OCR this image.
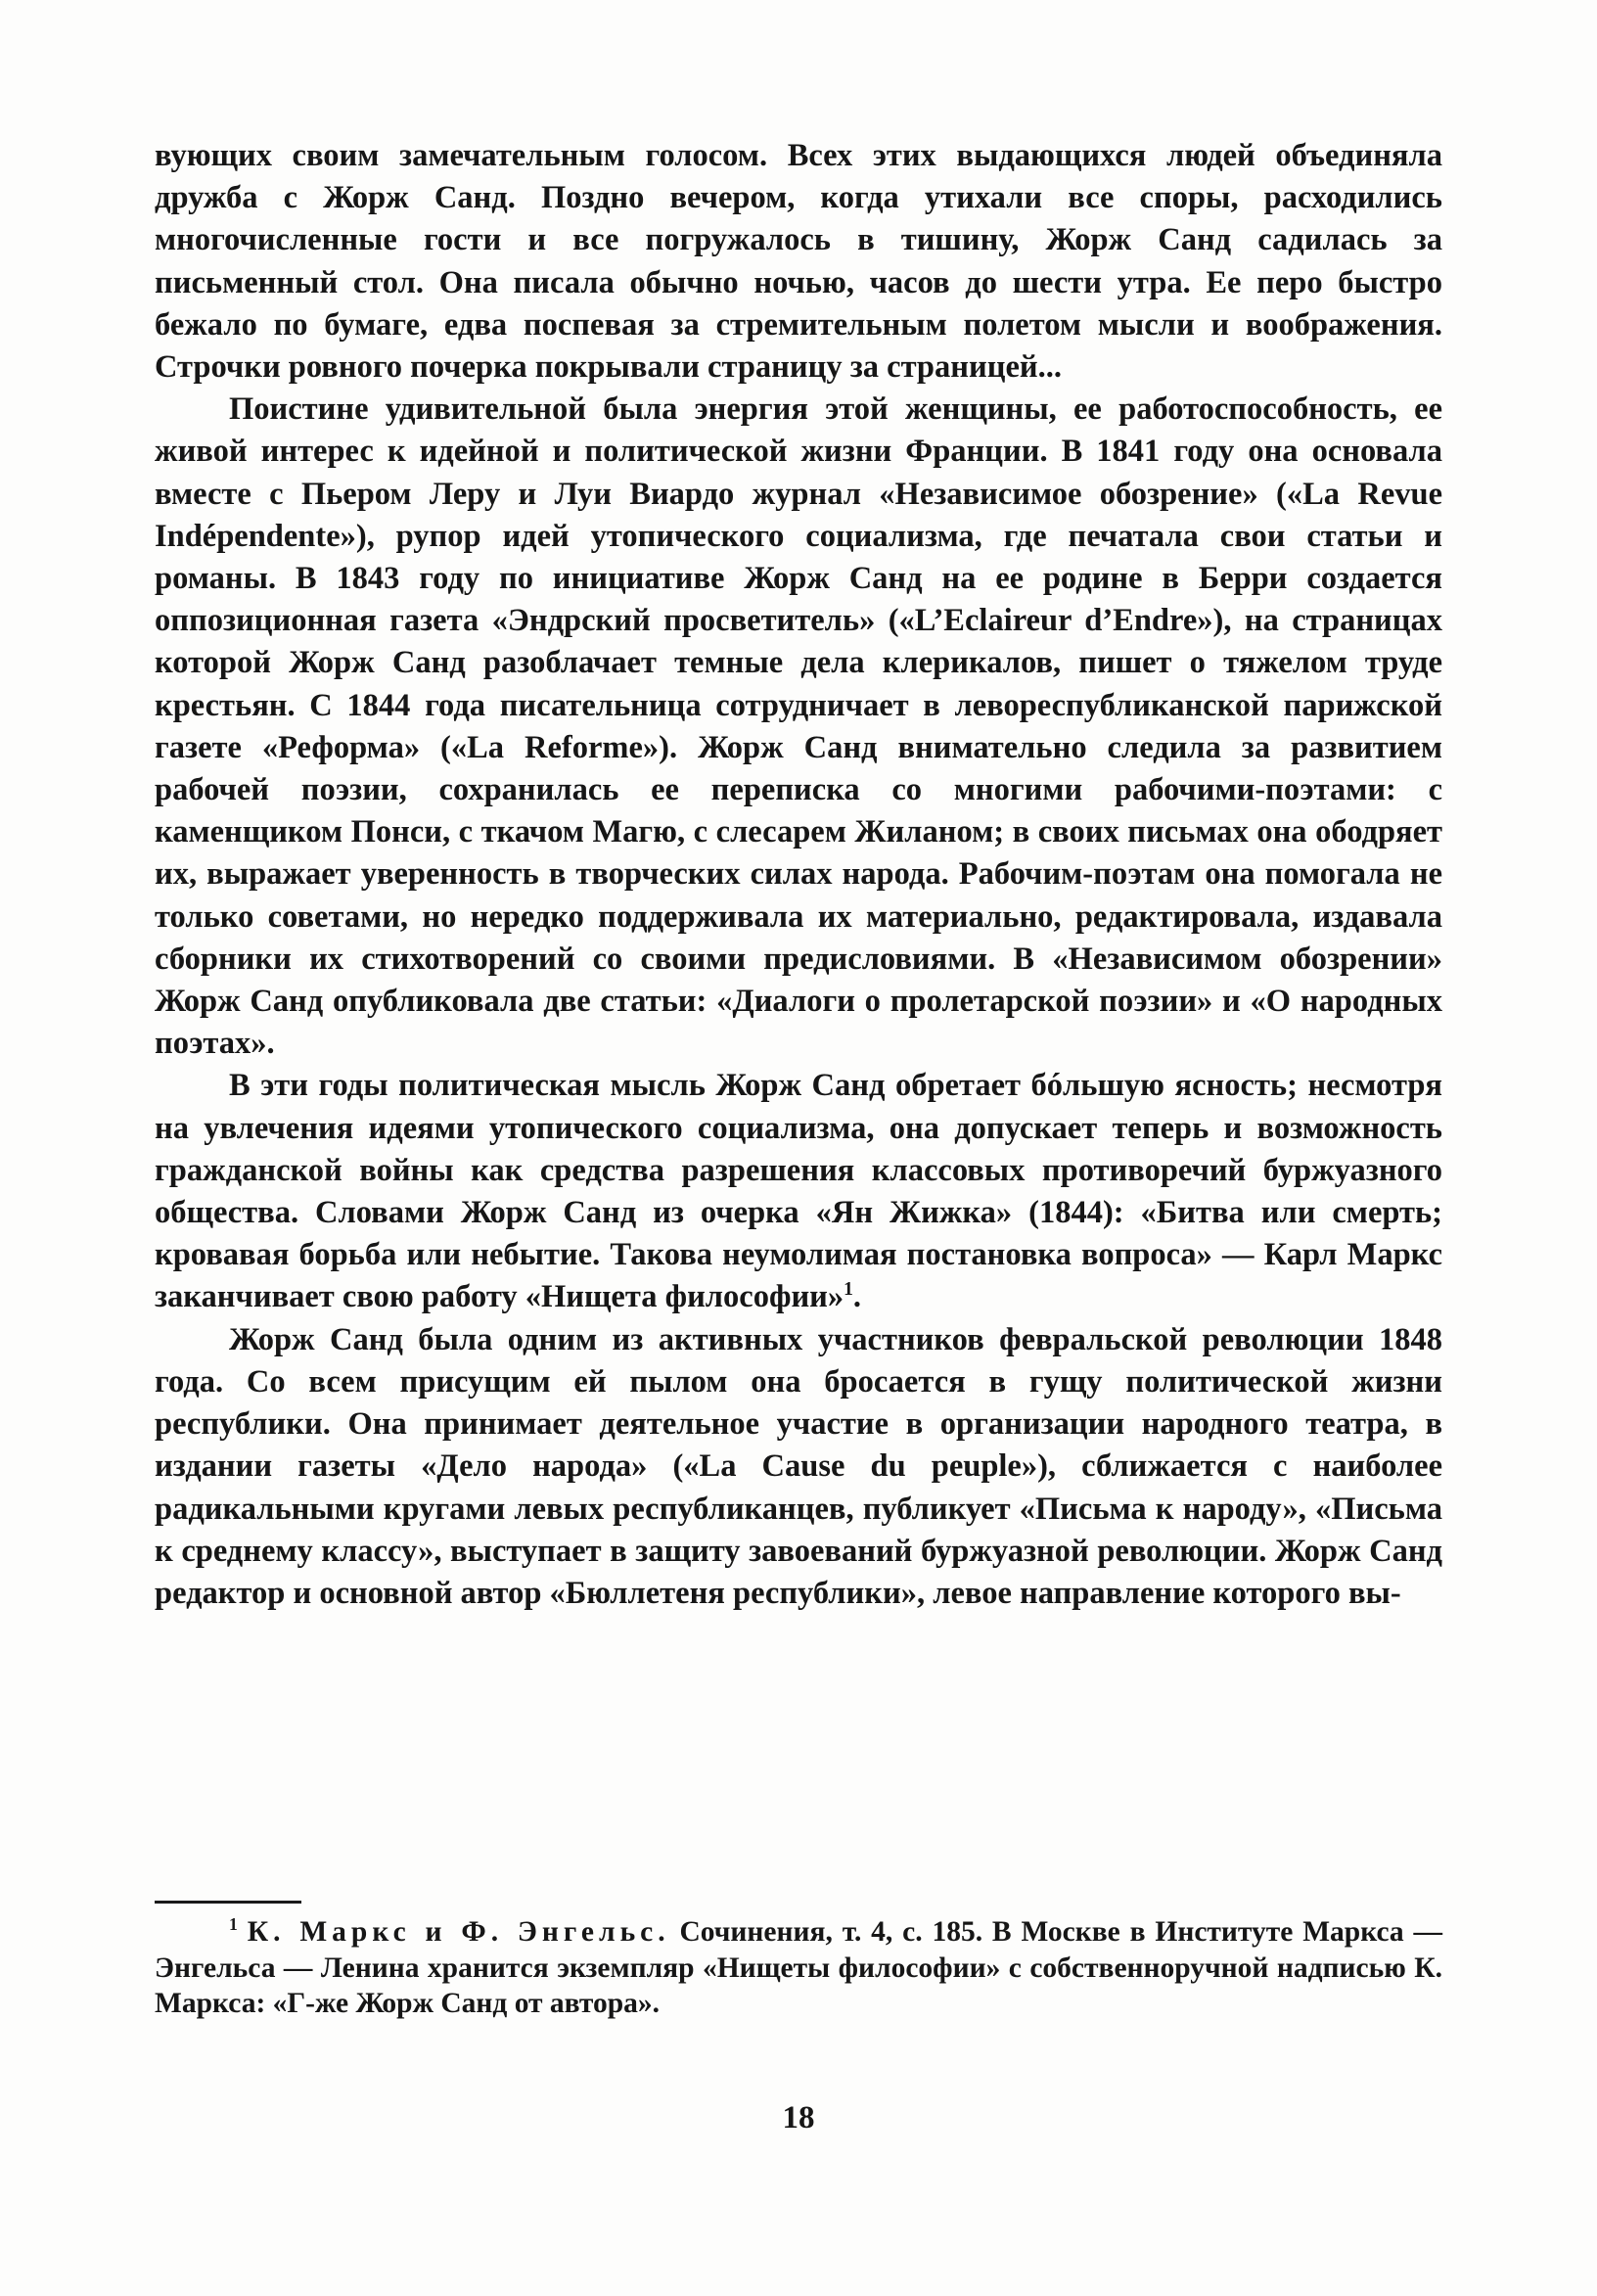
вующих своим замечательным голосом. Всех этих выдающихся людей объединяла дружба с Жорж Санд. Поздно вечером, когда утихали все споры, расходились многочисленные гости и все погружалось в тишину, Жорж Санд садилась за письменный стол. Она писала обычно ночью, часов до шести утра. Ее перо быстро бежало по бумаге, едва поспевая за стремительным полетом мысли и воображения. Строчки ровного почерка покрывали страницу за страницей...

Поистине удивительной была энергия этой женщины, ее работоспособность, ее живой интерес к идейной и политической жизни Франции. В 1841 году она основала вместе с Пьером Леру и Луи Виардо журнал «Независимое обозрение» («La Revue Indépendente»), рупор идей утопического социализма, где печатала свои статьи и романы. В 1843 году по инициативе Жорж Санд на ее родине в Берри создается оппозиционная газета «Эндрский просветитель» («L’Eclaireur d’Endre»), на страницах которой Жорж Санд разоблачает темные дела клерикалов, пишет о тяжелом труде крестьян. С 1844 года писательница сотрудничает в левореспубликанской парижской газете «Реформа» («La Reforme»). Жорж Санд внимательно следила за развитием рабочей поэзии, сохранилась ее переписка со многими рабочими-поэтами: с каменщиком Понси, с ткачом Магю, с слесарем Жиланом; в своих письмах она ободряет их, выражает уверенность в творческих силах народа. Рабочим-поэтам она помогала не только советами, но нередко поддерживала их материально, редактировала, издавала сборники их стихотворений со своими предисловиями. В «Независимом обозрении» Жорж Санд опубликовала две статьи: «Диалоги о пролетарской поэзии» и «О народных поэтах».

В эти годы политическая мысль Жорж Санд обретает бóльшую ясность; несмотря на увлечения идеями утопического социализма, она допускает теперь и возможность гражданской войны как средства разрешения классовых противоречий буржуазного общества. Словами Жорж Санд из очерка «Ян Жижка» (1844): «Битва или смерть; кровавая борьба или небытие. Такова неумолимая постановка вопроса» — Карл Маркс заканчивает свою работу «Нищета философии»$^1$.

Жорж Санд была одним из активных участников февральской революции 1848 года. Со всем присущим ей пылом она бросается в гущу политической жизни республики. Она принимает деятельное участие в организации народного театра, в издании газеты «Дело народа» («La Cause du peuple»), сближается с наиболее радикальными кругами левых республиканцев, публикует «Письма к народу», «Письма к среднему классу», выступает в защиту завоеваний буржуазной революции. Жорж Санд редактор и основной автор «Бюллетеня республики», левое направление которого вы-

$^1$ К. Маркс и Ф. Энгельс. Сочинения, т. 4, с. 185. В Москве в Институте Маркса — Энгельса — Ленина хранится экземпляр «Нищеты философии» с собственноручной надписью К. Маркса: «Г-же Жорж Санд от автора».
18
